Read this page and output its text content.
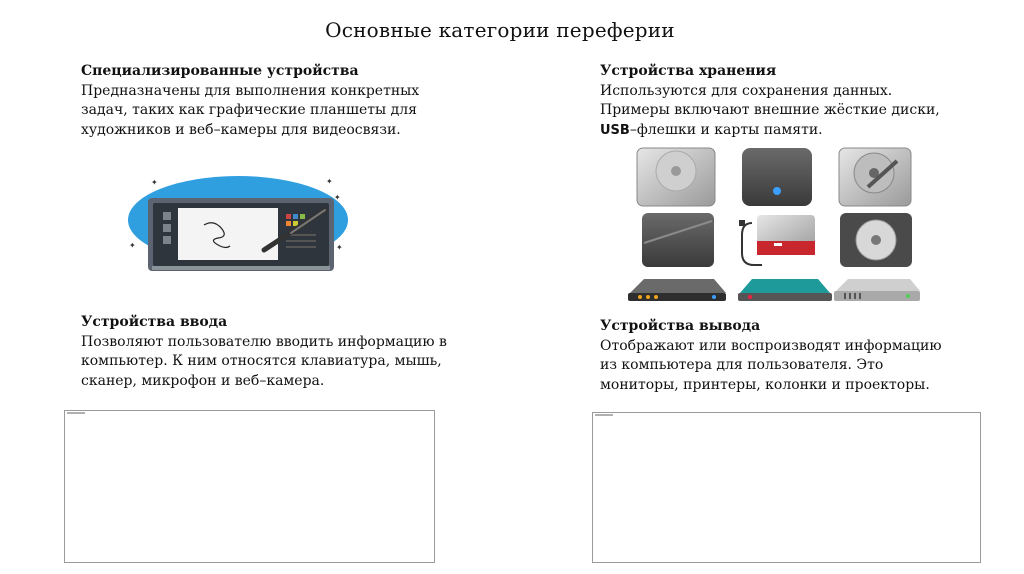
Основные категории переферии
Специализированные устройства
Предназначены для выполнения конкретных
задач, таких как графические планшеты для
художников и веб–камеры для видеосвязи.
✦	✦
✦
✦
✦
Устройства хранения
Используются для сохранения данных.
Примеры включают внешние жёсткие диски,
USB–флешки и карты памяти.
Устройства ввода
Позволяют пользователю вводить информацию в
компьютер. К ним относятся клавиатура, мышь,
сканер, микрофон и веб–камера.
Устройства вывода
Отображают или воспроизводят информацию
из компьютера для пользователя. Это
мониторы, принтеры, колонки и проекторы.
